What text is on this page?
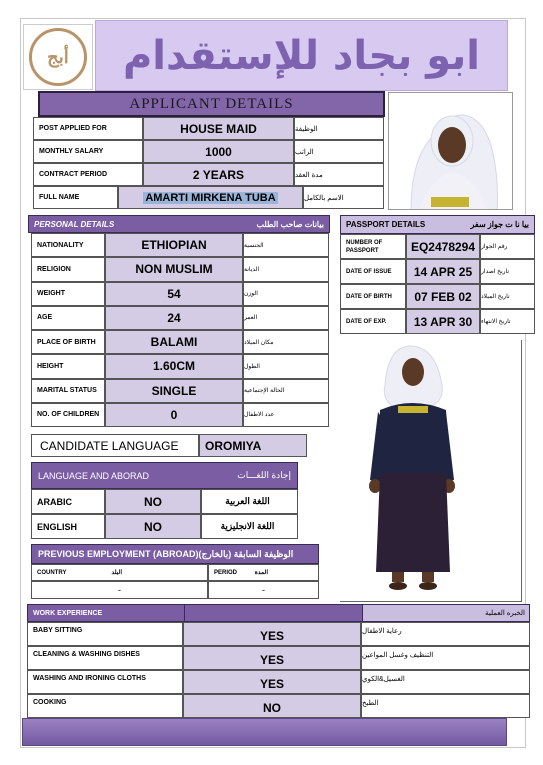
أبج ابو بجاد للإستقدام
APPLICANT DETAILS
POST APPLIED FOR	HOUSE MAID	الوظيفة
MONTHLY SALARY	1000	الراتب
CONTRACT PERIOD	2 YEARS	مدة العقد
FULL NAME	AMARTI MIRKENA TUBA	الاسم بالكامل
PERSONAL DETAILS	بيانات صاحب الطلب
NATIONALITY	ETHIOPIAN	الجنسية
RELIGION	NON MUSLIM	الديانة
WEIGHT	54	الوزن
AGE	24	العمر
PLACE OF BIRTH	BALAMI	مكان الميلاد
HEIGHT	1.60CM	الطول
MARITAL STATUS	SINGLE	الحالة الإجتماعية
NO. OF CHILDREN	0	عدد الاطفال
PASSPORT DETAILS	بيا نا ت جواز سفر
NUMBER OF PASSPORT	EQ2478294 رقم الجواز
DATE OF ISSUE	14 APR 25	تاريخ اصدار
DATE OF BIRTH	07 FEB 02	تاريخ الميلاد
DATE OF EXP.	13 APR 30	تاريخ الانتهاء
CANDIDATE LANGUAGE	OROMIYA
LANGUAGE AND ABORAD	إجادة اللغـــات
ARABIC	NO	اللغة العربية
ENGLISH	NO	اللغة الانجليزية
PREVIOUS EMPLOYMENT (ABROAD)(بالخارج) الوظيفة السابقة
COUNTRY	البلد	PERIOD	المدة
-	-
WORK EXPERIENCE	الخبره العملية
BABY SITTING	YES	رعاية الاطفال
CLEANING & WASHING DISHES	YES	التنظيف وغسل المواعين
WASHING AND IRONING CLOTHS	YES	الغسيل&الكوي
COOKING	NO	الطبخ
